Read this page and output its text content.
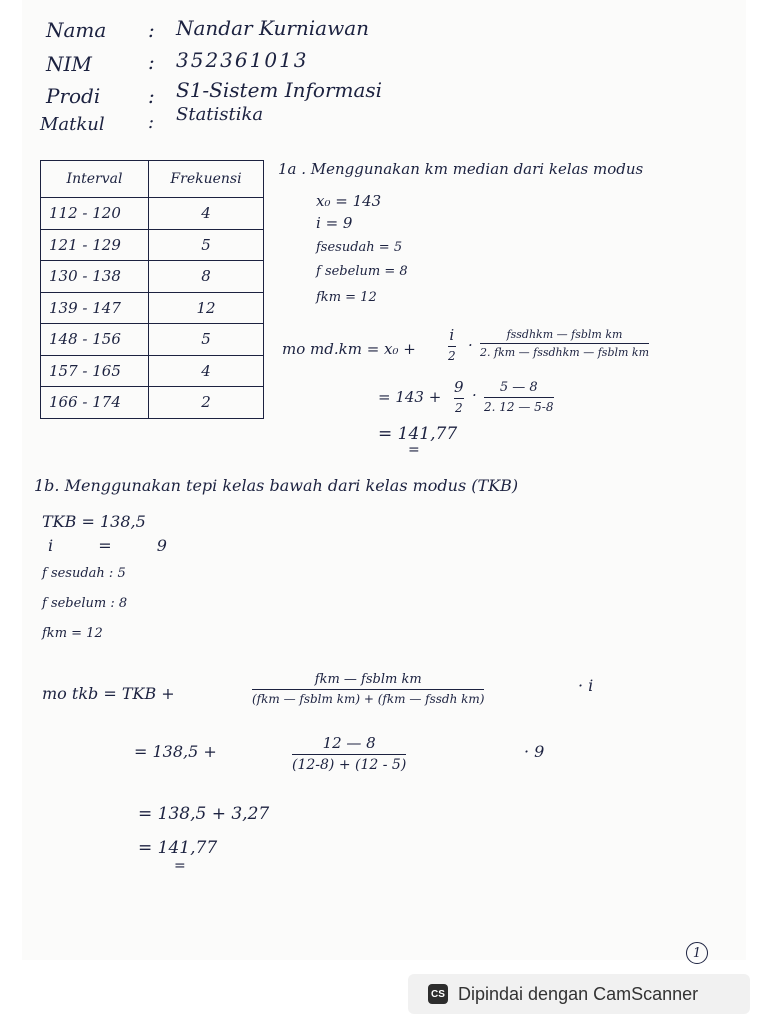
Nama : Nandar Kurniawan
NIM	: 352361013
Prodi : S1-Sistem Informasi
Matkul : Statistika
Interval	Frekuensi
112 - 120	4
121 - 129	5
130 - 138	8
139 - 147	12
148 - 156	5
157 - 165	4
166 - 174	2
1a . Menggunakan km median dari kelas modus
x₀ = 143
i = 9
fsesudah = 5
f sebelum = 8
fkm = 12
mo md.km = x₀ +
i
2
·
fssdhkm — fsblm km
2. fkm — fssdhkm — fsblm km
= 143 +
9
2
· 5 — 8
2. 12 — 5-8
= 141,77
=
1b. Menggunakan tepi kelas bawah dari kelas modus (TKB)
TKB = 138,5
i = 9
f sesudah : 5
f sebelum : 8
fkm = 12
mo tkb = TKB +
fkm — fsblm km
(fkm — fsblm km) + (fkm — fssdh km)
· i
= 138,5 +	12 — 8
(12-8) + (12 - 5)
· 9
= 138,5 + 3,27
= 141,77
=
1
CS Dipindai dengan CamScanner
